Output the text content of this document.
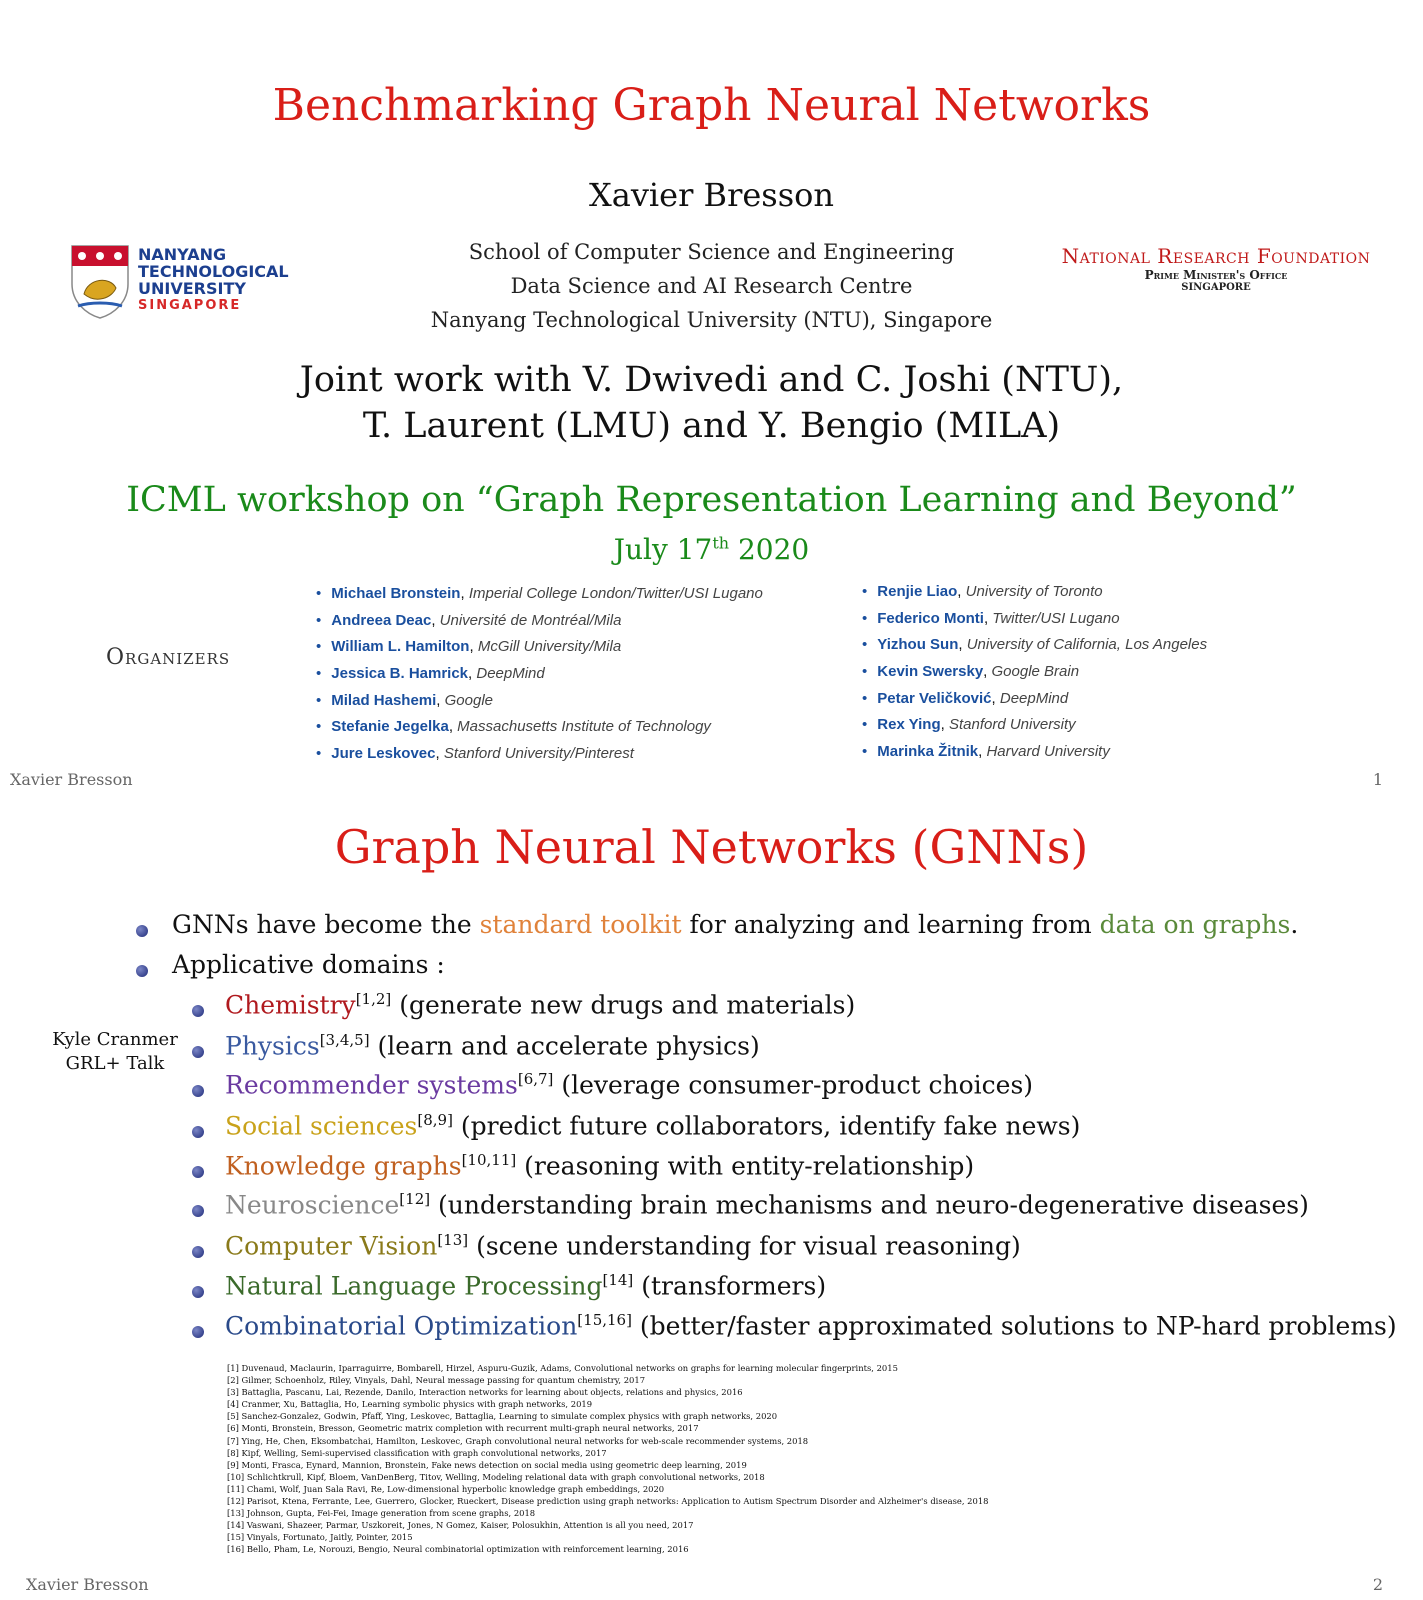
Benchmarking Graph Neural Networks
Xavier Bresson
School of Computer Science and Engineering
Data Science and AI Research Centre
Nanyang Technological University (NTU), Singapore
NANYANG
TECHNOLOGICAL
UNIVERSITY
SINGAPORE
National Research Foundation
Prime Minister's Office
SINGAPORE
Joint work with V. Dwivedi and C. Joshi (NTU),
T. Laurent (LMU) and Y. Bengio (MILA)
ICML workshop on “Graph Representation Learning and Beyond”
July 17th 2020
Organizers
• Michael Bronstein, Imperial College London/Twitter/USI Lugano
• Andreea Deac, Université de Montréal/Mila
• William L. Hamilton, McGill University/Mila
• Jessica B. Hamrick, DeepMind
• Milad Hashemi, Google
• Stefanie Jegelka, Massachusetts Institute of Technology
• Jure Leskovec, Stanford University/Pinterest
• Renjie Liao, University of Toronto
• Federico Monti, Twitter/USI Lugano
• Yizhou Sun, University of California, Los Angeles
• Kevin Swersky, Google Brain
• Petar Veličković, DeepMind
• Rex Ying, Stanford University
• Marinka Žitnik, Harvard University
Xavier Bresson	1
Graph Neural Networks (GNNs)
Kyle Cranmer
GRL+ Talk
GNNs have become the standard toolkit for analyzing and learning from data on graphs.
Applicative domains :
Chemistry[1,2] (generate new drugs and materials)
Physics[3,4,5] (learn and accelerate physics)
Recommender systems[6,7] (leverage consumer-product choices)
Social sciences[8,9] (predict future collaborators, identify fake news)
Knowledge graphs[10,11] (reasoning with entity-relationship)
Neuroscience[12] (understanding brain mechanisms and neuro-degenerative diseases)
Computer Vision[13] (scene understanding for visual reasoning)
Natural Language Processing[14] (transformers)
Combinatorial Optimization[15,16] (better/faster approximated solutions to NP-hard problems)
[1] Duvenaud, Maclaurin, Iparraguirre, Bombarell, Hirzel, Aspuru-Guzik, Adams, Convolutional networks on graphs for learning molecular fingerprints, 2015
[2] Gilmer, Schoenholz, Riley, Vinyals, Dahl, Neural message passing for quantum chemistry, 2017
[3] Battaglia, Pascanu, Lai, Rezende, Danilo, Interaction networks for learning about objects, relations and physics, 2016
[4] Cranmer, Xu, Battaglia, Ho, Learning symbolic physics with graph networks, 2019
[5] Sanchez-Gonzalez, Godwin, Pfaff, Ying, Leskovec, Battaglia, Learning to simulate complex physics with graph networks, 2020
[6] Monti, Bronstein, Bresson, Geometric matrix completion with recurrent multi-graph neural networks, 2017
[7] Ying, He, Chen, Eksombatchai, Hamilton, Leskovec, Graph convolutional neural networks for web-scale recommender systems, 2018
[8] Kipf, Welling, Semi-supervised classification with graph convolutional networks, 2017
[9] Monti, Frasca, Eynard, Mannion, Bronstein, Fake news detection on social media using geometric deep learning, 2019
[10] Schlichtkrull, Kipf, Bloem, VanDenBerg, Titov, Welling, Modeling relational data with graph convolutional networks, 2018
[11] Chami, Wolf, Juan Sala Ravi, Re, Low-dimensional hyperbolic knowledge graph embeddings, 2020
[12] Parisot, Ktena, Ferrante, Lee, Guerrero, Glocker, Rueckert, Disease prediction using graph networks: Application to Autism Spectrum Disorder and Alzheimer's disease, 2018
[13] Johnson, Gupta, Fei-Fei, Image generation from scene graphs, 2018
[14] Vaswani, Shazeer, Parmar, Uszkoreit, Jones, N Gomez, Kaiser, Polosukhin, Attention is all you need, 2017
[15] Vinyals, Fortunato, Jaitly, Pointer, 2015
[16] Bello, Pham, Le, Norouzi, Bengio, Neural combinatorial optimization with reinforcement learning, 2016
Xavier Bresson	2
